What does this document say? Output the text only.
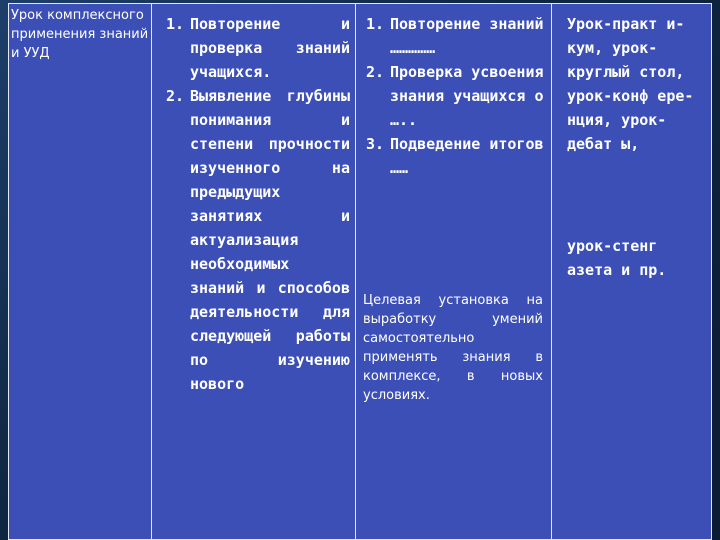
Урок комплексного применения знаний и УУД
1. Повторение и проверка знаний учащихся.
2. Выявление глубины понимания и степени прочности изученного на предыдущих занятиях и актуализация необходимых знаний и способов деятельности для следующей работы по изучению нового
1. Повторение знаний ……………
2. Проверка усвоения знания учащихся о …..
3. Подведение итогов ……
Целевая установка на выработку умений самостоятельно применять знания в комплексе, в новых условиях.
Урок-практ и-кум, урок- круглый стол, урок-конф ере-нция, урок-дебат ы,
урок-стенг азета и пр.
